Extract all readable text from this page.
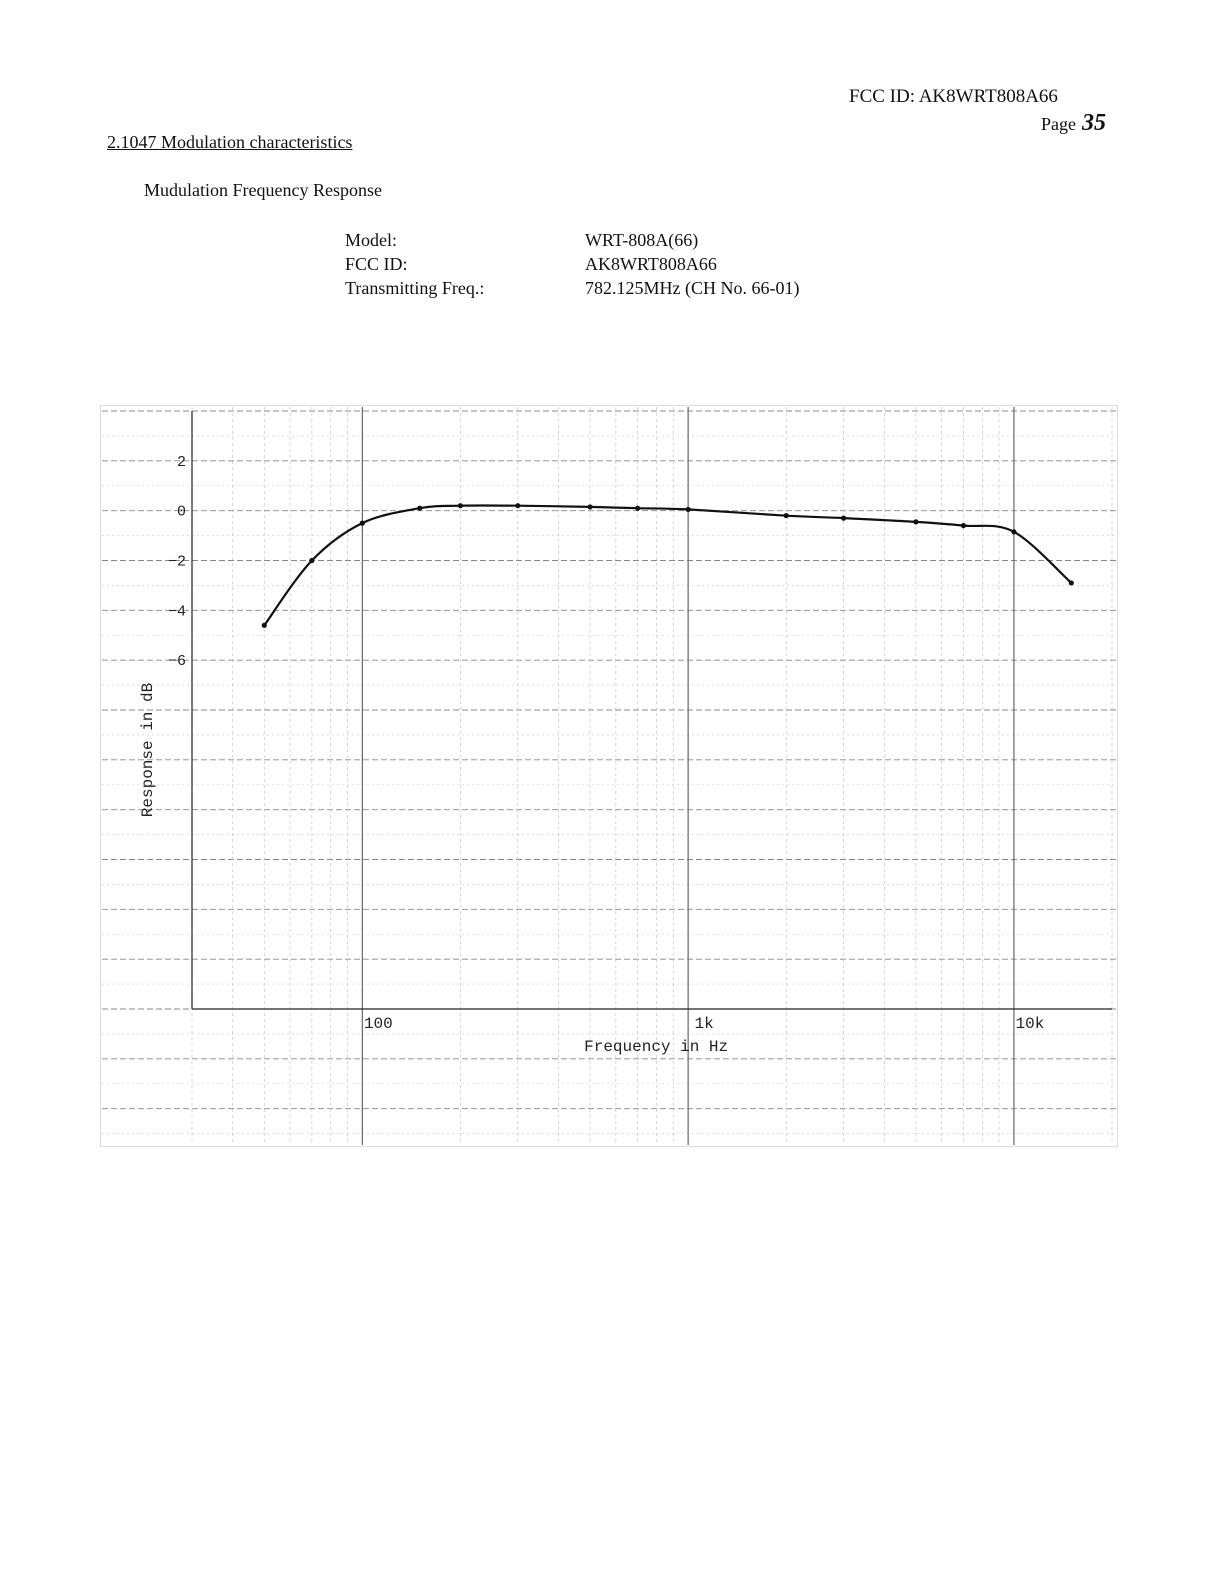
FCC ID: AK8WRT808A66
Page 35
2.1047 Modulation characteristics
Mudulation Frequency Response
Model:	WRT-808A(66)
FCC ID:	AK8WRT808A66
Transmitting Freq.:	782.125MHz (CH No. 66-01)
2
0
−2
−4
−6
100	1k	10k
Frequency in Hz
Response in dB
